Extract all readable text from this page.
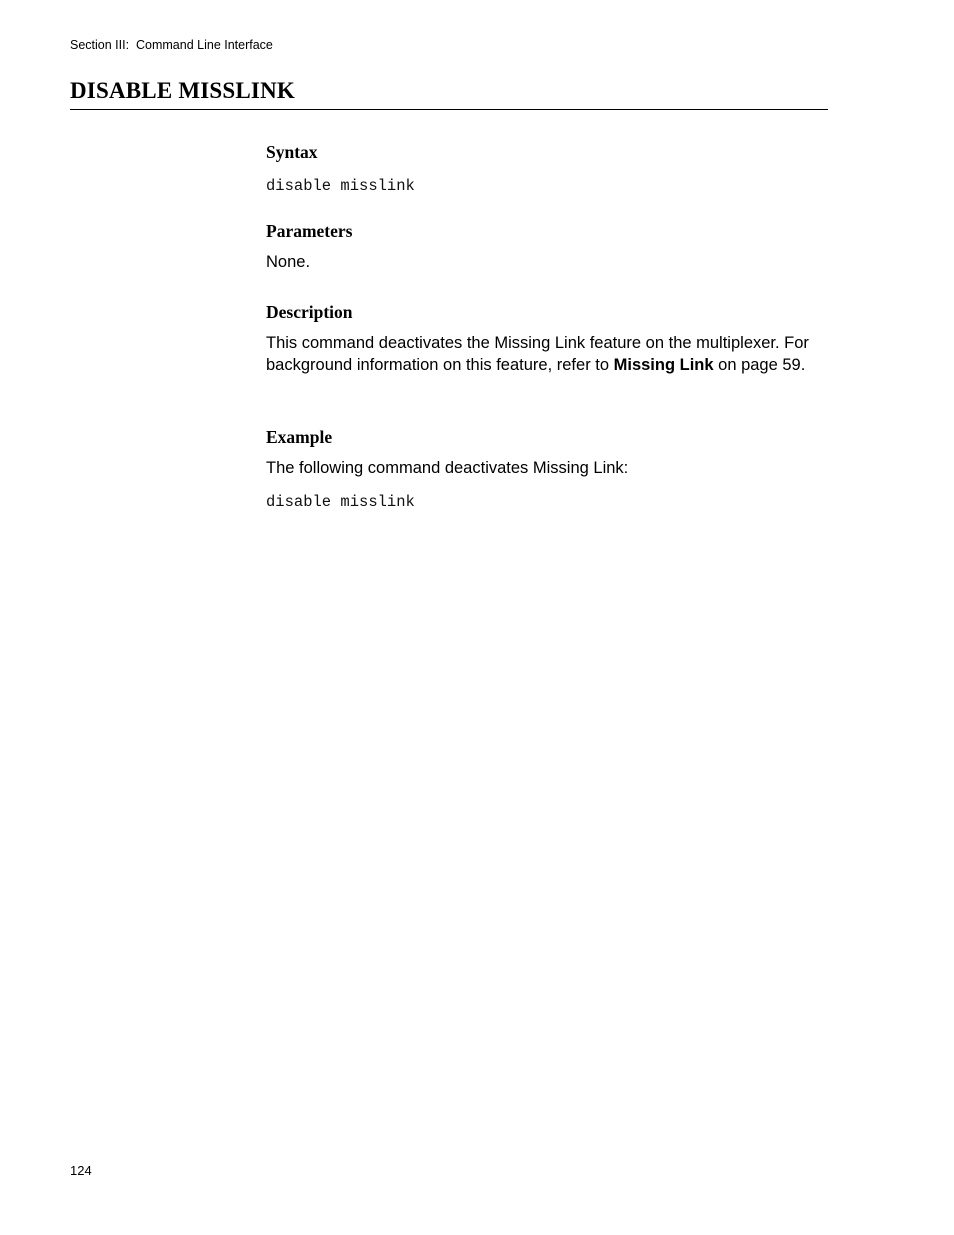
Section III:  Command Line Interface
DISABLE MISSLINK
Syntax
disable misslink
Parameters

None.

Description

This command deactivates the Missing Link feature on the multiplexer. For background information on this feature, refer to Missing Link on page 59.

Example

The following command deactivates Missing Link:

disable misslink
124
